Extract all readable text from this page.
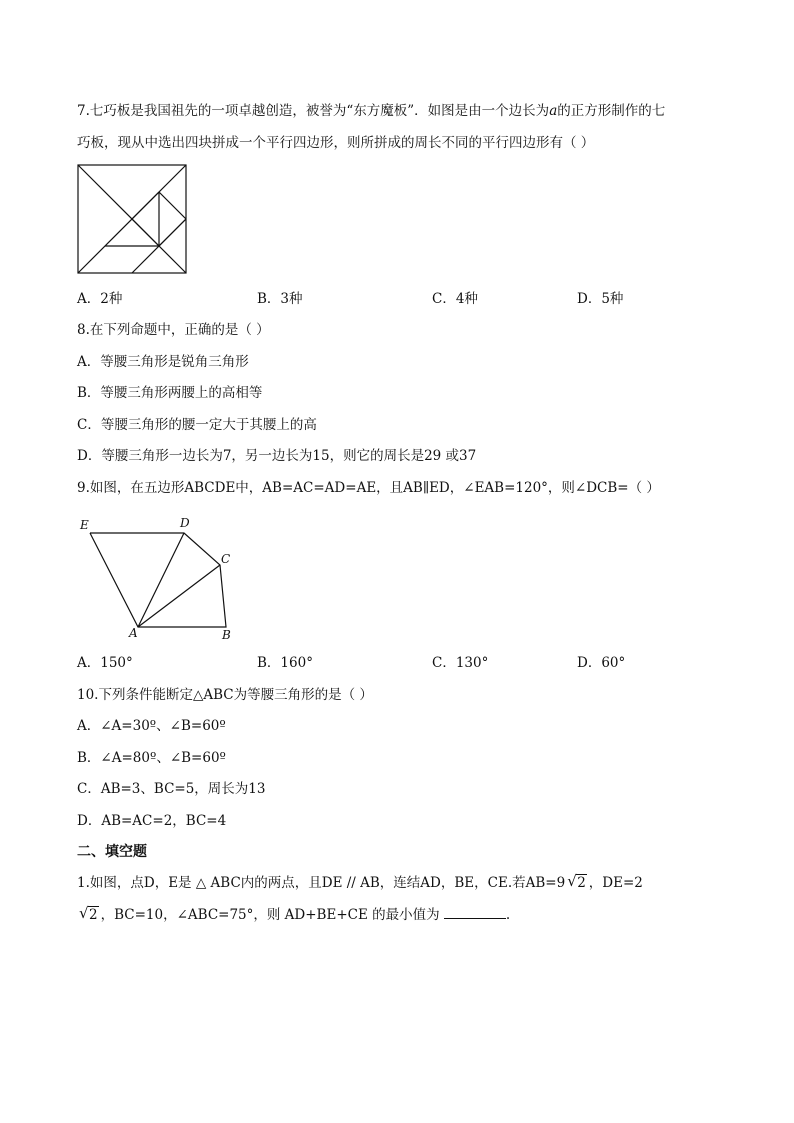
7.七巧板是我国祖先的一项卓越创造，被誉为“东方魔板”．如图是由一个边长为a的正方形制作的七
巧板，现从中选出四块拼成一个平行四边形，则所拼成的周长不同的平行四边形有（ ）
A．2种	B．3种	C．4种	D．5种
8.在下列命题中，正确的是（ ）
A．等腰三角形是锐角三角形
B．等腰三角形两腰上的高相等
C．等腰三角形的腰一定大于其腰上的高
D．等腰三角形一边长为7，另一边长为15，则它的周长是29 或37
9.如图，在五边形ABCDE中，AB=AC=AD=AE，且AB∥ED，∠EAB=120°，则∠DCB=（ ）
E	D
C
A	B
A．150°	B．160°	C．130°	D．60°
10.下列条件能断定△ABC为等腰三角形的是（ ）
A．∠A=30º、∠B=60º
B．∠A=80º、∠B=60º
C．AB=3、BC=5，周长为13
D．AB=AC=2，BC=4
二、填空题
1.如图，点D，E是 △ ABC内的两点，且DE // AB，连结AD，BE，CE.若AB=9 √ 2 ，DE=2
√ 2 ，BC=10，∠ABC=75°，则 AD+BE+CE 的最小值为	.
